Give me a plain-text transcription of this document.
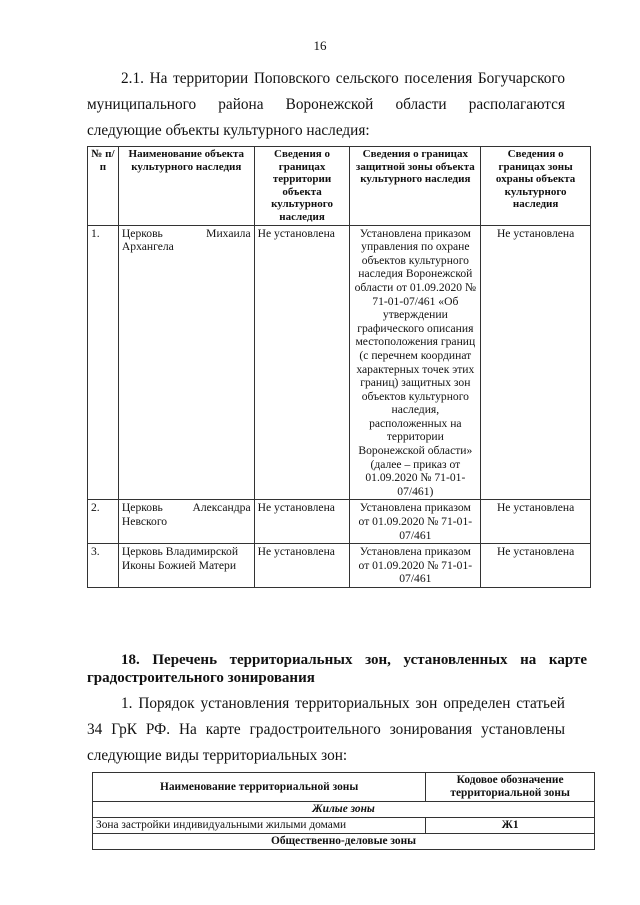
16
2.1. На территории Поповского сельского поселения Богучарского муниципального района Воронежской области располагаются следующие объекты культурного наследия:
№ п/п	Наименование объекта культурного наследия	Сведения о границах территории объекта культурного наследия	Сведения о границах защитной зоны объекта культурного наследия	Сведения о границах зоны охраны объекта культурного наследия
1.	Церковь Михаила Архангела	Не установлена	Установлена приказом управления по охране объектов культурного наследия Воронежской области от 01.09.2020 № 71-01-07/461 «Об утверждении графического описания местоположения границ (с перечнем координат характерных точек этих границ) защитных зон объектов культурного наследия, расположенных на территории Воронежской области» (далее – приказ от 01.09.2020 № 71-01-07/461)	Не установлена
2.	Церковь Александра Невского	Не установлена	Установлена приказом от 01.09.2020 № 71-01-07/461	Не установлена
3.	Церковь Владимирской Иконы Божией Матери	Не установлена	Установлена приказом от 01.09.2020 № 71-01-07/461	Не установлена
18. Перечень территориальных зон, установленных на карте градостроительного зонирования
1. Порядок установления территориальных зон определен статьей 34 ГрК РФ. На карте градостроительного зонирования установлены следующие виды территориальных зон:
Наименование территориальной зоны	Кодовое обозначение территориальной зоны
Жилые зоны	
Зона застройки индивидуальными жилыми домами	Ж1
Общественно-деловые зоны	
